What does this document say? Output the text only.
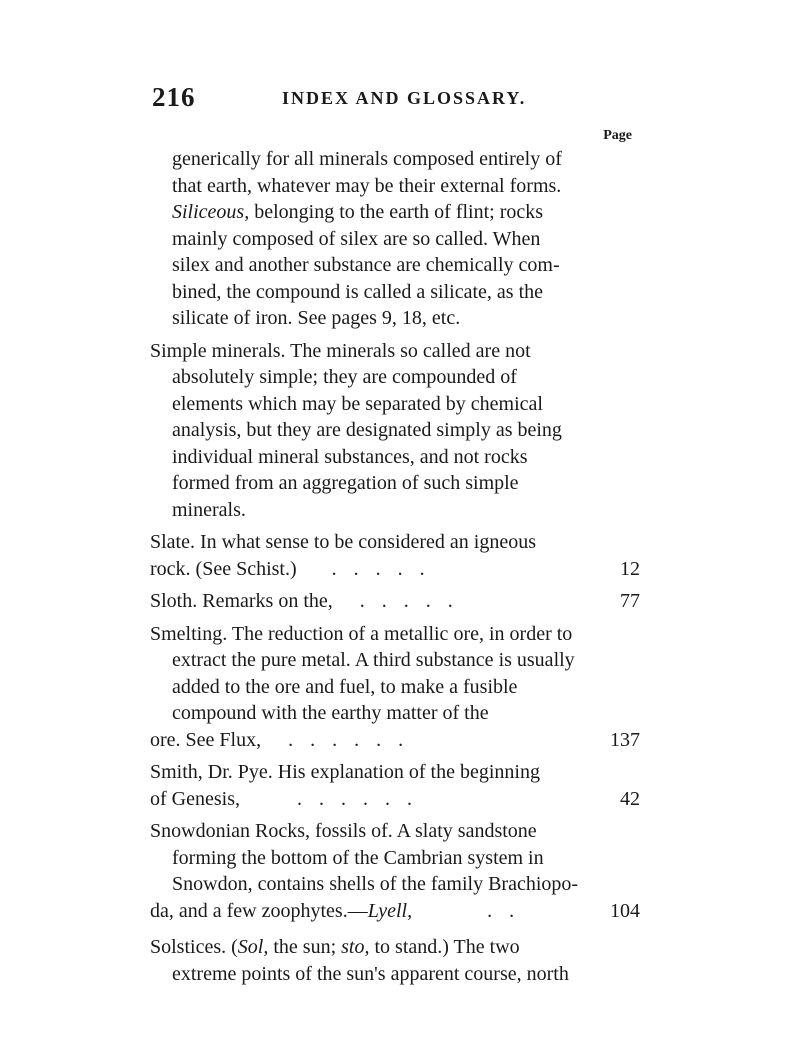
216	INDEX AND GLOSSARY.
Page
generically for all minerals composed entirely of
that earth, whatever may be their external forms.
Siliceous, belonging to the earth of flint; rocks
mainly composed of silex are so called. When
silex and another substance are chemically com-
bined, the compound is called a silicate, as the
silicate of iron. See pages 9, 18, etc.
Simple minerals. The minerals so called are not absolutely simple; they are compounded of elements which may be separated by chemical analysis, but they are designated simply as being individual mineral substances, and not rocks formed from an aggregation of such simple minerals.
Slate. In what sense to be considered an igneous
rock. (See Schist.) . . . . .	12
Sloth. Remarks on the, . . . . .	77
Smelting. The reduction of a metallic ore, in order to extract the pure metal. A third substance is usually added to the ore and fuel, to make a fusible compound with the earthy matter of the
ore. See Flux, . . . . . .	137
Smith, Dr. Pye. His explanation of the beginning
of Genesis,	. . . . . .	42
Snowdonian Rocks, fossils of. A slaty sandstone forming the bottom of the Cambrian system in Snowdon, contains shells of the family Brachiopo-
da, and a few zoophytes.—Lyell,	. .	104
Solstices. (Sol, the sun; sto, to stand.) The two extreme points of the sun's apparent course, north
